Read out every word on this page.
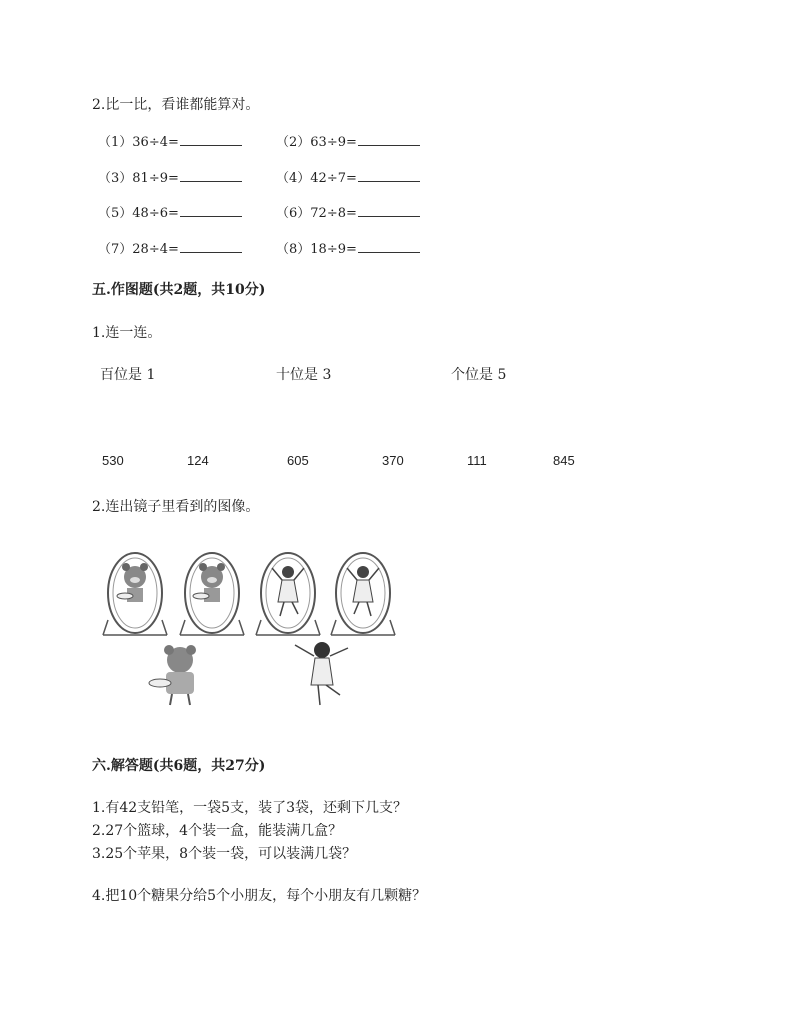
2.比一比，看谁都能算对。
（1）36÷4=	（2）63÷9=
（3）81÷9=	（4）42÷7=
（5）48÷6=	（6）72÷8=
（7）28÷4=	（8）18÷9=
五.作图题(共2题，共10分)
1.连一连。
百位是 1	十位是 3	个位是 5
530	124	605	370	111	845
2.连出镜子里看到的图像。
六.解答题(共6题，共27分)
1.有42支铅笔，一袋5支，装了3袋，还剩下几支？
2.27个篮球，4个装一盒，能装满几盒？
3.25个苹果，8个装一袋，可以装满几袋？
4.把10个糖果分给5个小朋友，每个小朋友有几颗糖？
